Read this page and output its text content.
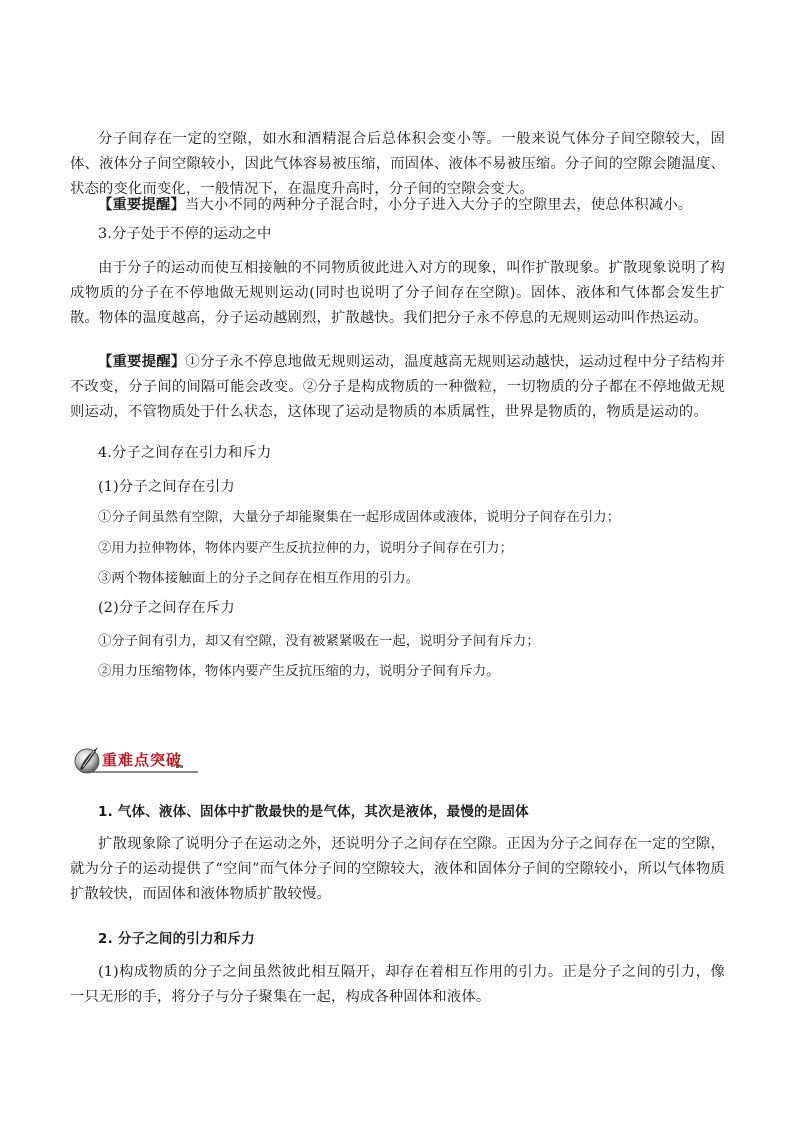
分子间存在一定的空隙，如水和酒精混合后总体积会变小等。一般来说气体分子间空隙较大，固体、液体分子间空隙较小，因此气体容易被压缩，而固体、液体不易被压缩。分子间的空隙会随温度、状态的变化而变化，一般情况下，在温度升高时，分子间的空隙会变大。

【重要提醒】当大小不同的两种分子混合时，小分子进入大分子的空隙里去，使总体积减小。

3.分子处于不停的运动之中

由于分子的运动而使互相接触的不同物质彼此进入对方的现象，叫作扩散现象。扩散现象说明了构成物质的分子在不停地做无规则运动(同时也说明了分子间存在空隙)。固体、液体和气体都会发生扩散。物体的温度越高，分子运动越剧烈，扩散越快。我们把分子永不停息的无规则运动叫作热运动。

【重要提醒】①分子永不停息地做无规则运动，温度越高无规则运动越快，运动过程中分子结构并不改变，分子间的间隔可能会改变。②分子是构成物质的一种微粒，一切物质的分子都在不停地做无规则运动，不管物质处于什么状态，这体现了运动是物质的本质属性，世界是物质的，物质是运动的。

4.分子之间存在引力和斥力

(1)分子之间存在引力

①分子间虽然有空隙，大量分子却能聚集在一起形成固体或液体，说明分子间存在引力；

②用力拉伸物体，物体内要产生反抗拉伸的力，说明分子间存在引力；

③两个物体接触面上的分子之间存在相互作用的引力。

(2)分子之间存在斥力

①分子间有引力，却又有空隙，没有被紧紧吸在一起，说明分子间有斥力；

②用力压缩物体，物体内要产生反抗压缩的力，说明分子间有斥力。

重难点突破

1. 气体、液体、固体中扩散最快的是气体，其次是液体，最慢的是固体

扩散现象除了说明分子在运动之外，还说明分子之间存在空隙。正因为分子之间存在一定的空隙，就为分子的运动提供了“空间”而气体分子间的空隙较大，液体和固体分子间的空隙较小，所以气体物质扩散较快，而固体和液体物质扩散较慢。

2. 分子之间的引力和斥力

(1)构成物质的分子之间虽然彼此相互隔开，却存在着相互作用的引力。正是分子之间的引力，像一只无形的手，将分子与分子聚集在一起，构成各种固体和液体。
